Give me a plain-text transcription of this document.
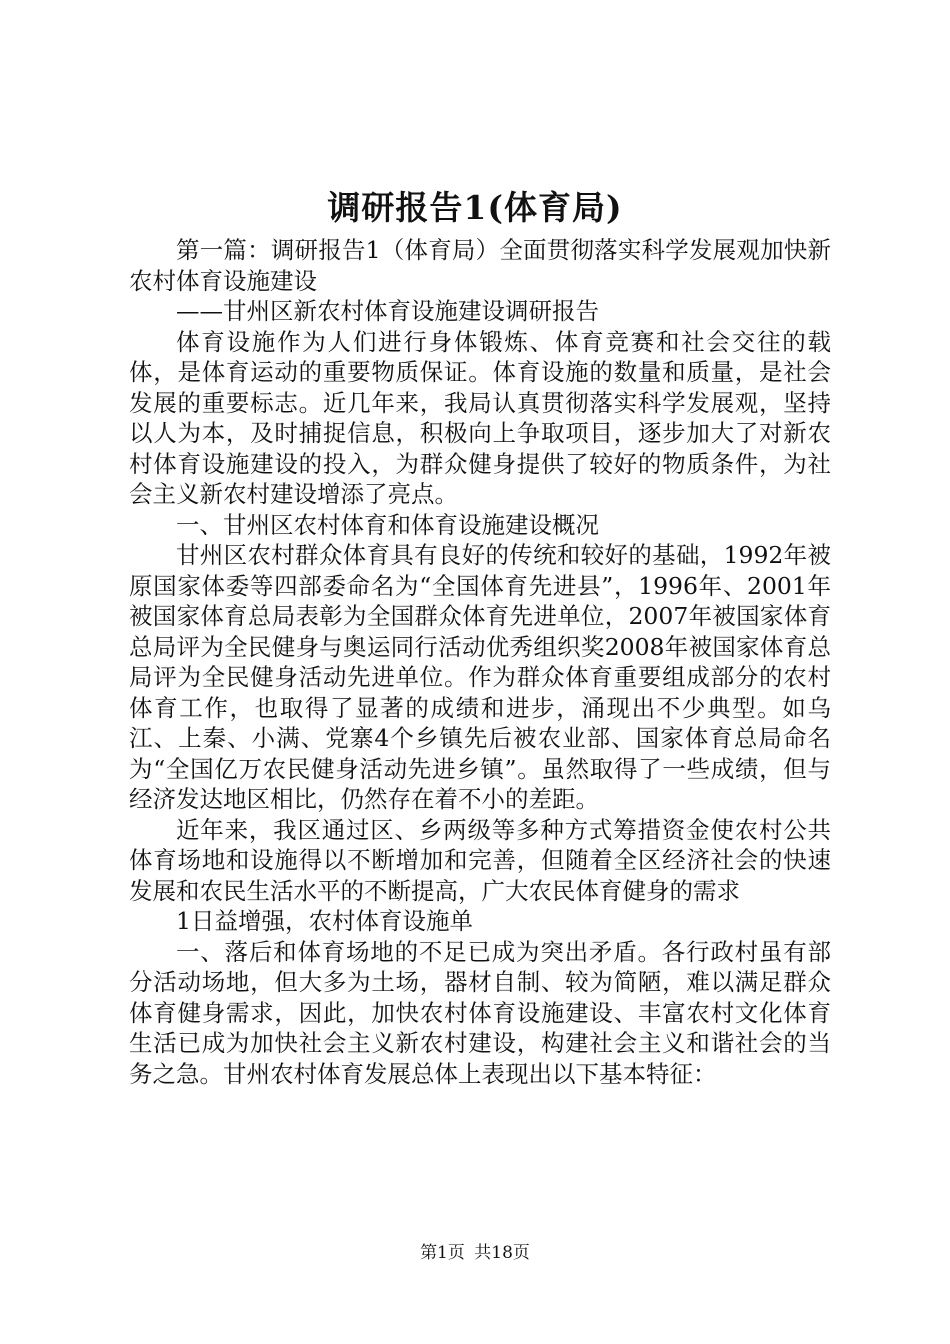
调研报告1(体育局)

第一篇：调研报告1（体育局）全面贯彻落实科学发展观加快新农村体育设施建设

——甘州区新农村体育设施建设调研报告

体育设施作为人们进行身体锻炼、体育竞赛和社会交往的载体，是体育运动的重要物质保证。体育设施的数量和质量，是社会发展的重要标志。近几年来，我局认真贯彻落实科学发展观，坚持以人为本，及时捕捉信息，积极向上争取项目，逐步加大了对新农村体育设施建设的投入，为群众健身提供了较好的物质条件，为社会主义新农村建设增添了亮点。

一、甘州区农村体育和体育设施建设概况

甘州区农村群众体育具有良好的传统和较好的基础，1992年被原国家体委等四部委命名为“全国体育先进县”，1996年、2001年被国家体育总局表彰为全国群众体育先进单位，2007年被国家体育总局评为全民健身与奥运同行活动优秀组织奖2008年被国家体育总局评为全民健身活动先进单位。作为群众体育重要组成部分的农村体育工作，也取得了显著的成绩和进步，涌现出不少典型。如乌江、上秦、小满、党寨4个乡镇先后被农业部、国家体育总局命名为“全国亿万农民健身活动先进乡镇”。虽然取得了一些成绩，但与经济发达地区相比，仍然存在着不小的差距。

近年来，我区通过区、乡两级等多种方式筹措资金使农村公共体育场地和设施得以不断增加和完善，但随着全区经济社会的快速发展和农民生活水平的不断提高，广大农民体育健身的需求

1日益增强，农村体育设施单

一、落后和体育场地的不足已成为突出矛盾。各行政村虽有部分活动场地，但大多为土场，器材自制、较为简陋，难以满足群众体育健身需求，因此，加快农村体育设施建设、丰富农村文化体育生活已成为加快社会主义新农村建设，构建社会主义和谐社会的当务之急。甘州农村体育发展总体上表现出以下基本特征：

第1页 共18页
